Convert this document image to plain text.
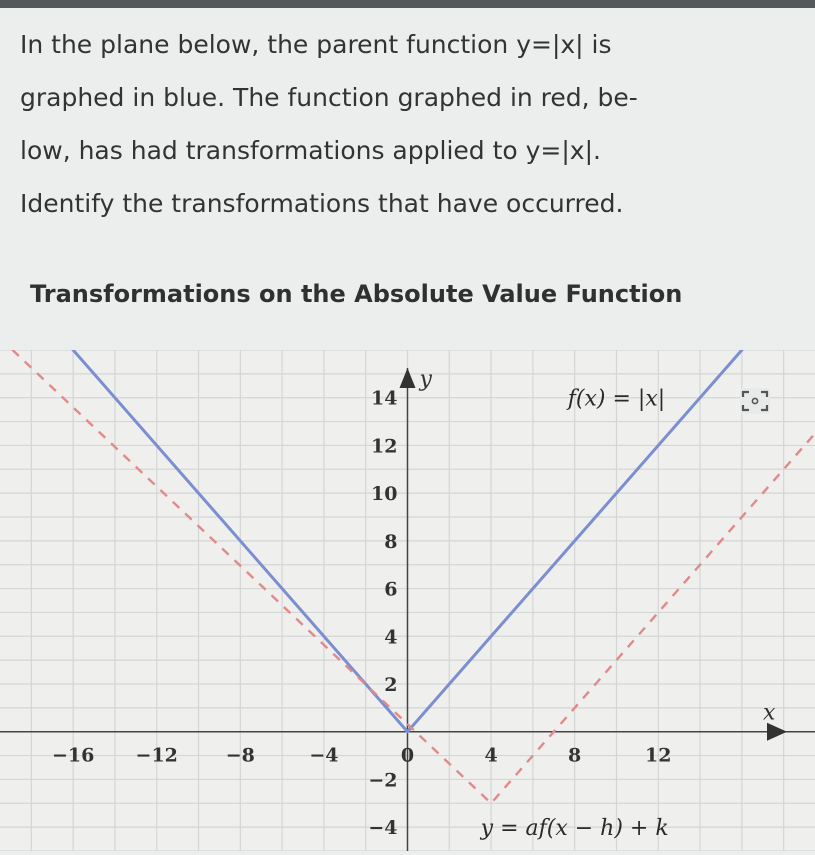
In the plane below, the parent function y=|x| is
graphed in blue. The function graphed in red, be-
low, has had transformations applied to y=|x|.
Identify the transformations that have occurred.
Transformations on the Absolute Value Function
x
y
−16 −12	−8	−4	0	4	8	12
−4
−2
2
4
6
8
10
12
14	f(x) = |x|
y = af(x − h) + k
